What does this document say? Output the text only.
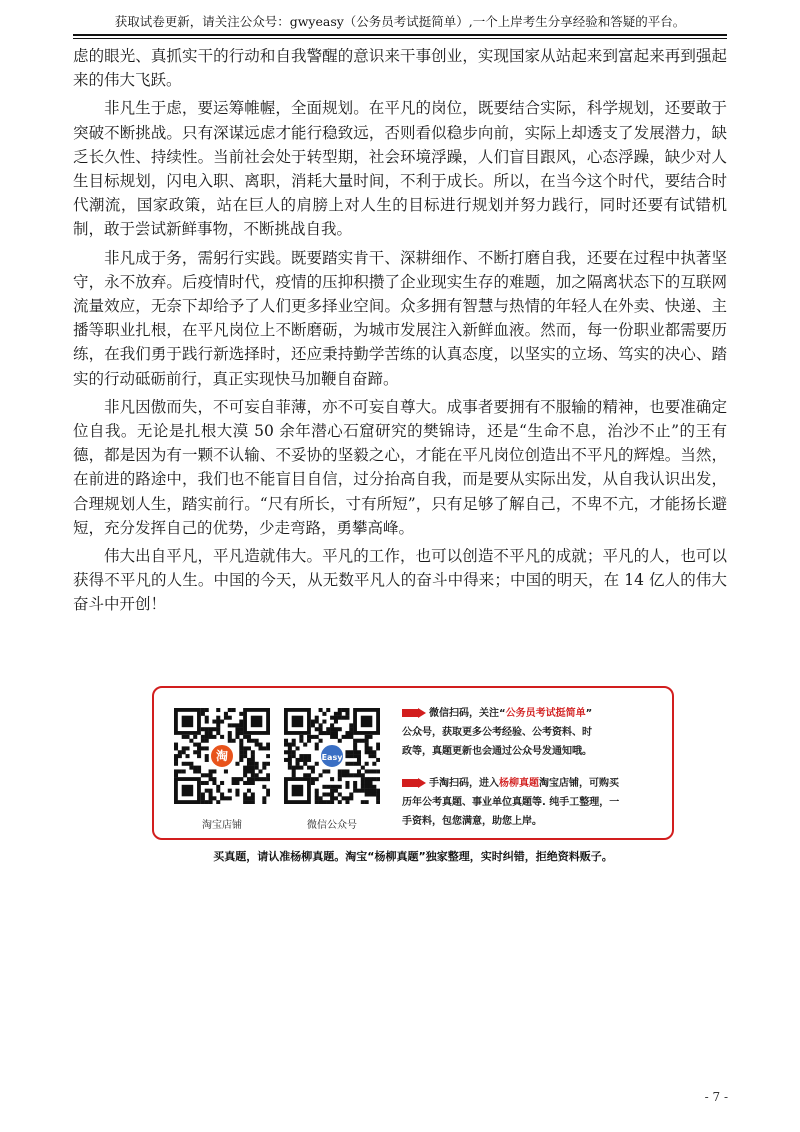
获取试卷更新，请关注公众号：gwyeasy（公务员考试挺简单）,一个上岸考生分享经验和答疑的平台。

虑的眼光、真抓实干的行动和自我警醒的意识来干事创业，实现国家从站起来到富起来再到强起来的伟大飞跃。

非凡生于虑，要运筹帷幄，全面规划。在平凡的岗位，既要结合实际，科学规划，还要敢于突破不断挑战。只有深谋远虑才能行稳致远，否则看似稳步向前，实际上却透支了发展潜力，缺乏长久性、持续性。当前社会处于转型期，社会环境浮躁，人们盲目跟风，心态浮躁，缺少对人生目标规划，闪电入职、离职，消耗大量时间，不利于成长。所以，在当今这个时代，要结合时代潮流，国家政策，站在巨人的肩膀上对人生的目标进行规划并努力践行，同时还要有试错机制，敢于尝试新鲜事物，不断挑战自我。

非凡成于务，需躬行实践。既要踏实肯干、深耕细作、不断打磨自我，还要在过程中执著坚守，永不放弃。后疫情时代，疫情的压抑积攒了企业现实生存的难题，加之隔离状态下的互联网流量效应，无奈下却给予了人们更多择业空间。众多拥有智慧与热情的年轻人在外卖、快递、主播等职业扎根，在平凡岗位上不断磨砺，为城市发展注入新鲜血液。然而，每一份职业都需要历练，在我们勇于践行新选择时，还应秉持勤学苦练的认真态度，以坚实的立场、笃实的决心、踏实的行动砥砺前行，真正实现快马加鞭自奋蹄。

非凡因傲而失，不可妄自菲薄，亦不可妄自尊大。成事者要拥有不服输的精神，也要准确定位自我。无论是扎根大漠 50 余年潜心石窟研究的樊锦诗，还是“生命不息，治沙不止”的王有德，都是因为有一颗不认输、不妥协的坚毅之心，才能在平凡岗位创造出不平凡的辉煌。当然，在前进的路途中，我们也不能盲目自信，过分抬高自我，而是要从实际出发，从自我认识出发，合理规划人生，踏实前行。“尺有所长，寸有所短”，只有足够了解自己，不卑不亢，才能扬长避短，充分发挥自己的优势，少走弯路，勇攀高峰。

伟大出自平凡，平凡造就伟大。平凡的工作，也可以创造不平凡的成就；平凡的人，也可以获得不平凡的人生。中国的今天，从无数平凡人的奋斗中得来；中国的明天，在 14 亿人的伟大奋斗中开创！

淘
淘宝店铺
Easy
微信公众号
微信扫码，关注“公务员考试挺简单”
公众号，获取更多公考经验、公考资料、时
政等，真题更新也会通过公众号发通知哦。
手淘扫码，进入杨柳真题淘宝店铺，可购买
历年公考真题、事业单位真题等. 纯手工整理，一
手资料，包您满意，助您上岸。
买真题，请认准杨柳真题。淘宝“杨柳真题”独家整理，实时纠错，拒绝资料贩子。
- 7 -
